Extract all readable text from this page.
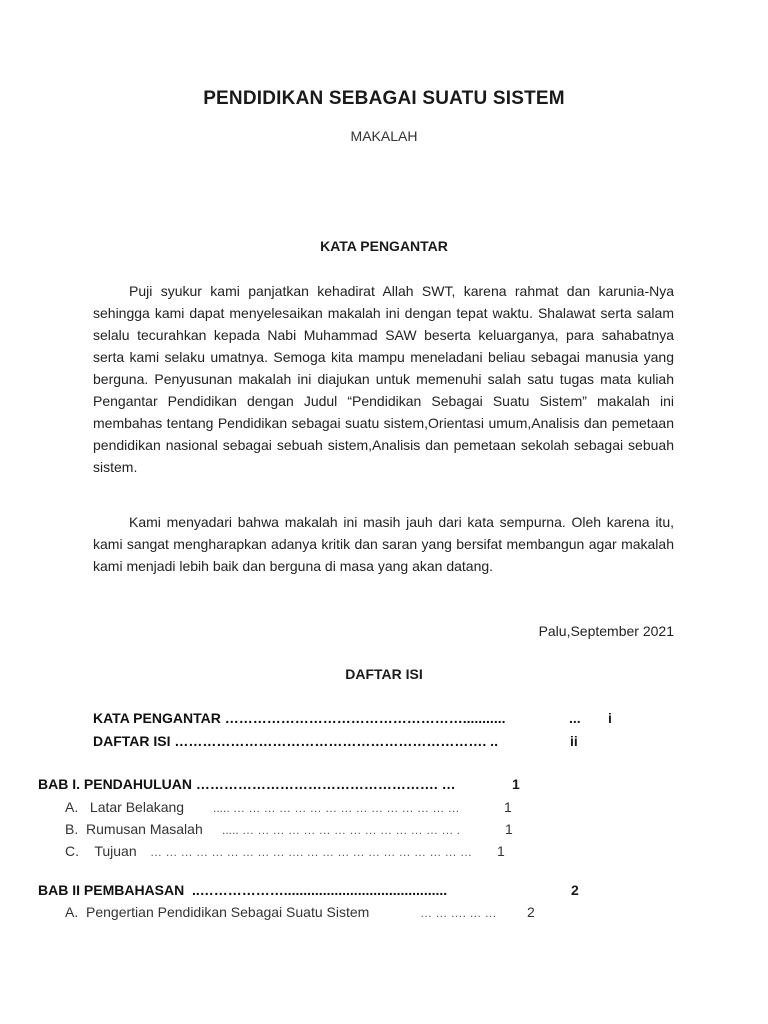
PENDIDIKAN SEBAGAI SUATU SISTEM
MAKALAH
KATA PENGANTAR
Puji syukur kami panjatkan kehadirat Allah SWT, karena rahmat dan karunia-Nya sehingga kami dapat menyelesaikan makalah ini dengan tepat waktu. Shalawat serta salam selalu tecurahkan kepada Nabi Muhammad SAW beserta keluarganya, para sahabatnya serta kami selaku umatnya. Semoga kita mampu meneladani beliau sebagai manusia yang berguna. Penyusunan makalah ini diajukan untuk memenuhi salah satu tugas mata kuliah Pengantar Pendidikan dengan Judul “Pendidikan Sebagai Suatu Sistem” makalah ini membahas tentang Pendidikan sebagai suatu sistem,Orientasi umum,Analisis dan pemetaan pendidikan nasional sebagai sebuah sistem,Analisis dan pemetaan sekolah sebagai sebuah sistem.
Kami menyadari bahwa makalah ini masih jauh dari kata sempurna. Oleh karena itu, kami sangat mengharapkan adanya kritik dan saran yang bersifat membangun agar makalah kami menjadi lebih baik dan berguna di masa yang akan datang.
Palu,September 2021
DAFTAR ISI
KATA PENGANTAR ……………………………………………...........	... i
DAFTAR ISI …………………………………………………………. ..	ii
BAB I. PENDAHULUAN ……………………………………………. …	1
A. Latar Belakang ..... … … … … … … … … … … … … … … …	1
B. Rumusan Masalah ..... … … … … … … … … … … … … … … .	1
C. Tujuan … … … … … … … … … …. … … … … … … … … … … … 1
BAB II PEMBAHASAN ..………………..........................................	2
A. Pengertian Pendidikan Sebagai Suatu Sistem	… … …. … … 2
